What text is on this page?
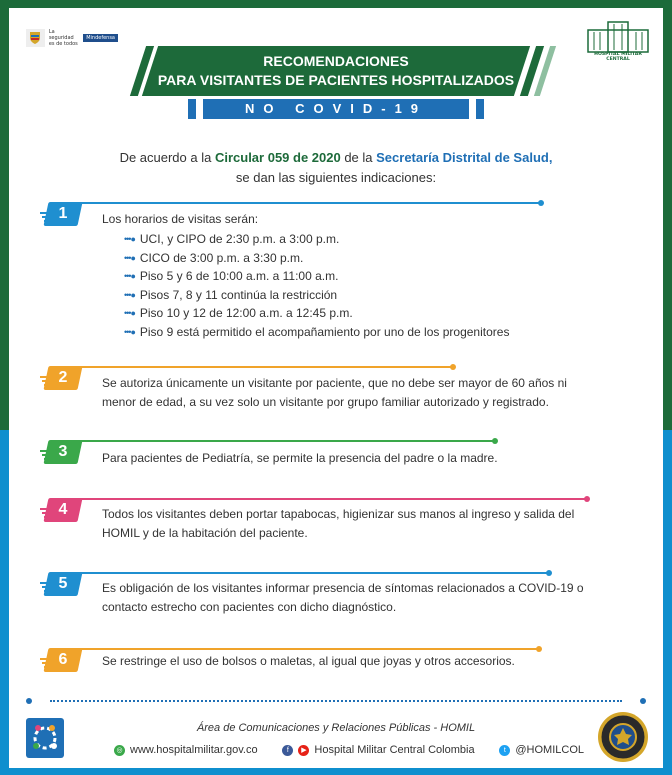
La seguridad
es de todos
Mindefensa
HOSPITAL MILITAR CENTRAL
RECOMENDACIONES
PARA VISITANTES DE PACIENTES HOSPITALIZADOS
NO COVID-19
De acuerdo a la Circular 059 de 2020 de la Secretaría Distrital de Salud,
se dan las siguientes indicaciones:
1	Los horarios de visitas serán:
•••● UCI, y CIPO de 2:30 p.m. a 3:00 p.m.
•••● CICO de 3:00 p.m. a 3:30 p.m.
•••● Piso 5 y 6 de 10:00 a.m. a 11:00 a.m.
•••● Pisos 7, 8 y 11 continúa la restricción
•••● Piso 10 y 12 de 12:00 a.m. a 12:45 p.m.
•••● Piso 9 está permitido el acompañamiento por uno de los progenitores
2	Se autoriza únicamente un visitante por paciente, que no debe ser mayor de 60 años ni
menor de edad, a su vez solo un visitante por grupo familiar autorizado y registrado.
3	Para pacientes de Pediatría, se permite la presencia del padre o la madre.
4	Todos los visitantes deben portar tapabocas, higienizar sus manos al ingreso y salida del
HOMIL y de la habitación del paciente.
5	Es obligación de los visitantes informar presencia de síntomas relacionados a COVID-19 o
contacto estrecho con pacientes con dicho diagnóstico.
6	Se restringe el uso de bolsos o maletas, al igual que joyas y otros accesorios.
Área de Comunicaciones y Relaciones Públicas - HOMIL
◎ www.hospitalmilitar.gov.co	f	▶ Hospital Militar Central Colombia	t @HOMILCOL
